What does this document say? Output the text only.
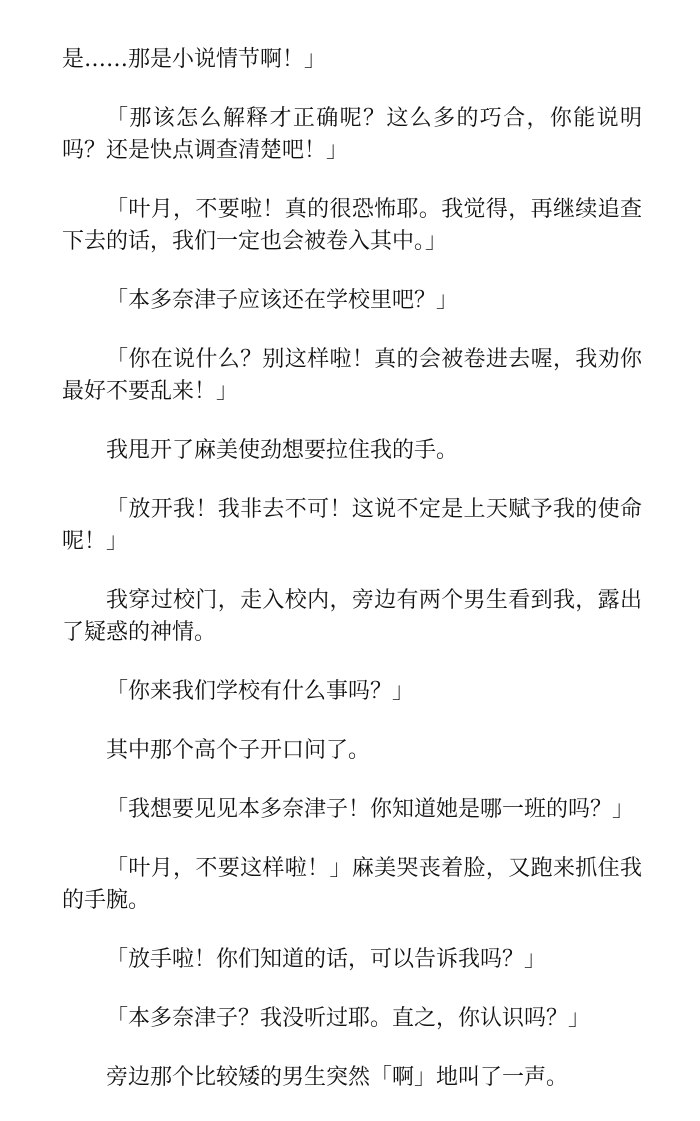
是……那是小说情节啊！」

「那该怎么解释才正确呢？这么多的巧合，你能说明吗？还是快点调查清楚吧！」

「叶月，不要啦！真的很恐怖耶。我觉得，再继续追查下去的话，我们一定也会被卷入其中。」

「本多奈津子应该还在学校里吧？」

「你在说什么？别这样啦！真的会被卷进去喔，我劝你最好不要乱来！」

我甩开了麻美使劲想要拉住我的手。

「放开我！我非去不可！这说不定是上天赋予我的使命呢！」

我穿过校门，走入校内，旁边有两个男生看到我，露出了疑惑的神情。

「你来我们学校有什么事吗？」

其中那个高个子开口问了。

「我想要见见本多奈津子！你知道她是哪一班的吗？」

「叶月，不要这样啦！」麻美哭丧着脸，又跑来抓住我的手腕。

「放手啦！你们知道的话，可以告诉我吗？」

「本多奈津子？我没听过耶。直之，你认识吗？」

旁边那个比较矮的男生突然「啊」地叫了一声。
